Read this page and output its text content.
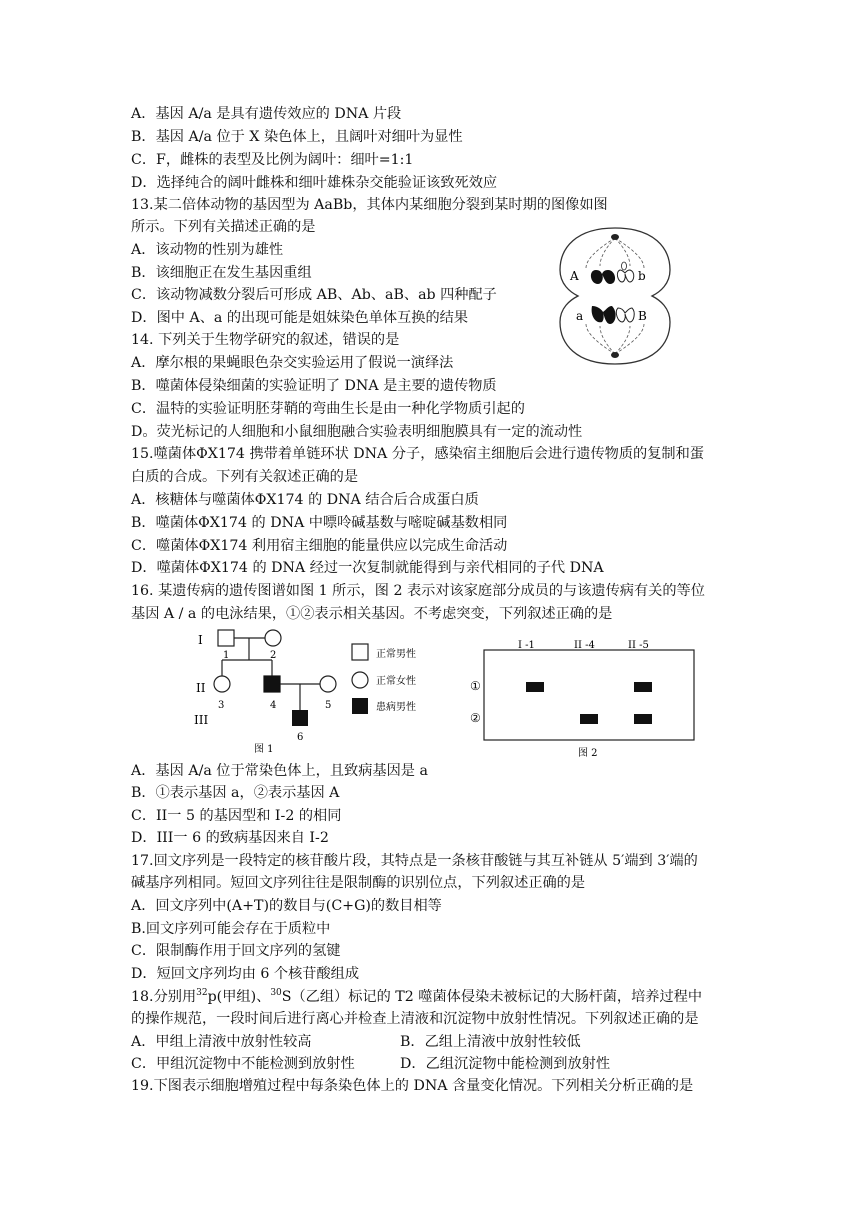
A．基因 A/a 是具有遗传效应的 DNA 片段
B．基因 A/a 位于 X 染色体上，且阔叶对细叶为显性
C．F，雌株的表型及比例为阔叶：细叶=1:1
D．选择纯合的阔叶雌株和细叶雄株杂交能验证该致死效应
13.某二倍体动物的基因型为 AaBb，其体内某细胞分裂到某时期的图像如图
所示。下列有关描述正确的是
A．该动物的性别为雄性
B．该细胞正在发生基因重组
C．该动物减数分裂后可形成 AB、Ab、aB、ab 四种配子
D．图中 A、a 的出现可能是姐妹染色单体互换的结果
14. 下列关于生物学研究的叙述，错误的是
A．摩尔根的果蝇眼色杂交实验运用了假说一演绎法
B．噬菌体侵染细菌的实验证明了 DNA 是主要的遗传物质
C．温特的实验证明胚芽鞘的弯曲生长是由一种化学物质引起的
D。荧光标记的人细胞和小鼠细胞融合实验表明细胞膜具有一定的流动性
15.噬菌体ΦX174 携带着单链环状 DNA 分子，感染宿主细胞后会进行遗传物质的复制和蛋
白质的合成。下列有关叙述正确的是
A．核糖体与噬菌体ΦX174 的 DNA 结合后合成蛋白质
B．噬菌体ΦX174 的 DNA 中嘌呤碱基数与嘧啶碱基数相同
C．噬菌体ΦX174 利用宿主细胞的能量供应以完成生命活动
D．噬菌体ΦX174 的 DNA 经过一次复制就能得到与亲代相同的子代 DNA
16. 某遗传病的遗传图谱如图 1 所示，图 2 表示对该家庭部分成员的与该遗传病有关的等位
基因 A / a 的电泳结果，①②表示相关基因。不考虑突变，下列叙述正确的是
A	b
a	B
I
II
III
1	2
3	4	5
6
图 1
正常男性
正常女性
患病男性
I -1	II -4	II -5
①
②
图 2
A．基因 A/a 位于常染色体上，且致病基因是 a
B．①表示基因 a，②表示基因 A
C．II一 5 的基因型和 I-2 的相同
D．III一 6 的致病基因来自 I-2
17.回文序列是一段特定的核苷酸片段，其特点是一条核苷酸链与其互补链从 5′端到 3′端的
碱基序列相同。短回文序列往往是限制酶的识别位点，下列叙述正确的是
A．回文序列中(A+T)的数目与(C+G)的数目相等
B.回文序列可能会存在于质粒中
C．限制酶作用于回文序列的氢键
D．短回文序列均由 6 个核苷酸组成
18.分别用$^{32}$p(甲组)、$^{30}$S（乙组）标记的 T2 噬菌体侵染未被标记的大肠杆菌，培养过程中
的操作规范，一段时间后进行离心并检查上清液和沉淀物中放射性情况。下列叙述正确的是
A．甲组上清液中放射性较高	B．乙组上清液中放射性较低
C．甲组沉淀物中不能检测到放射性	D．乙组沉淀物中能检测到放射性
19.下图表示细胞增殖过程中每条染色体上的 DNA 含量变化情况。下列相关分析正确的是
